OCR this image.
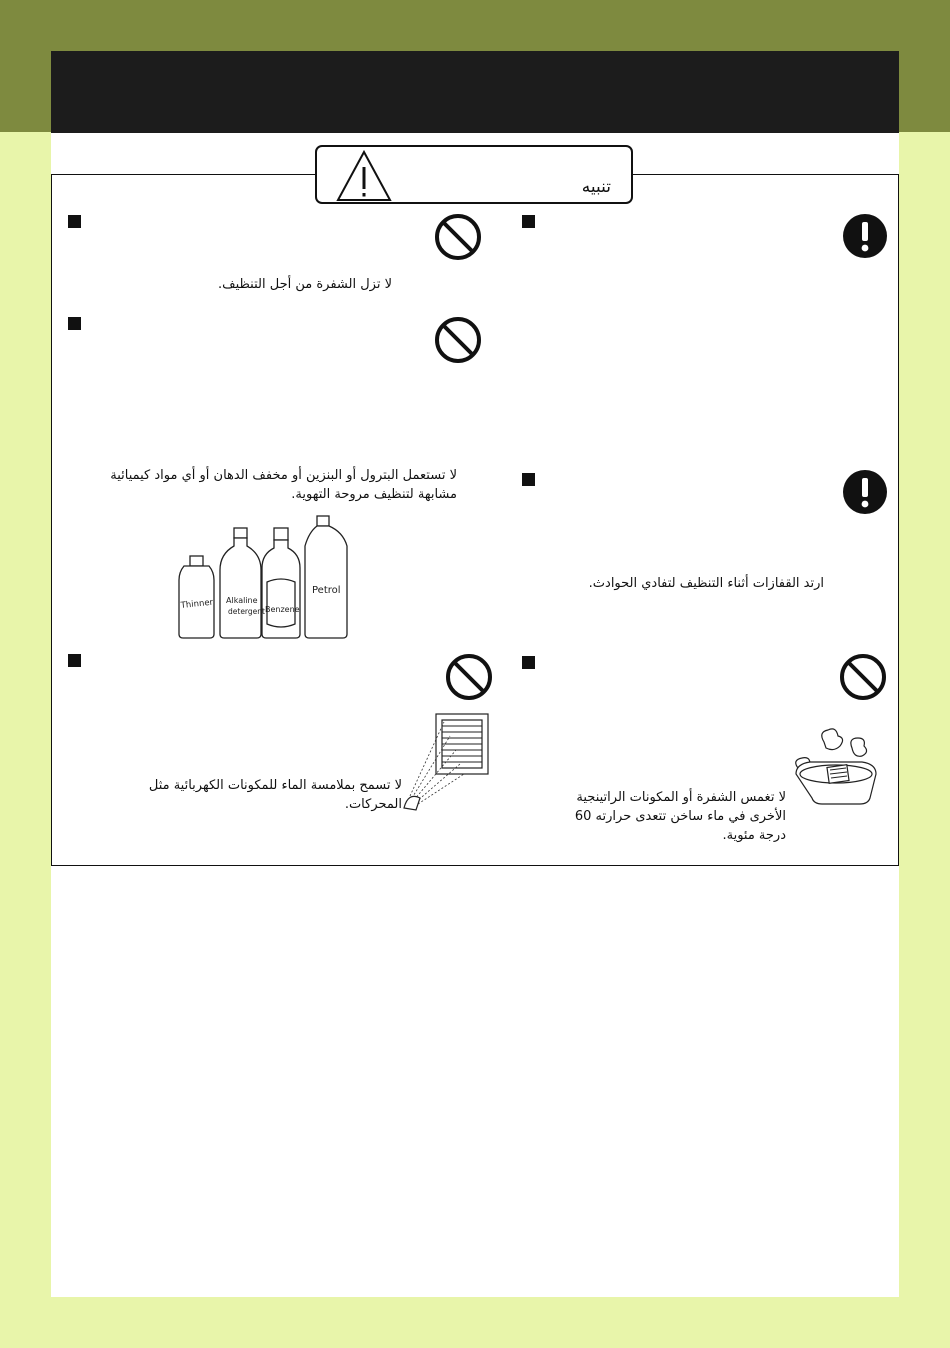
تنبيه
لا تزل الشفرة من أجل التنظيف.
لا تستعمل البترول أو البنزين أو مخفف الدهان أو أي مواد كيميائية مشابهة لتنظيف مروحة التهوية.
Thinner Alkaline
detergent Benzene
Petrol
لا تسمح بملامسة الماء للمكونات الكهربائية مثل المحركات.
ارتد القفازات أثناء التنظيف لتفادي الحوادث.
لا تغمس الشفرة أو المكونات الراتينجية الأخرى في ماء ساخن تتعدى حرارته 60 درجة مئوية.
